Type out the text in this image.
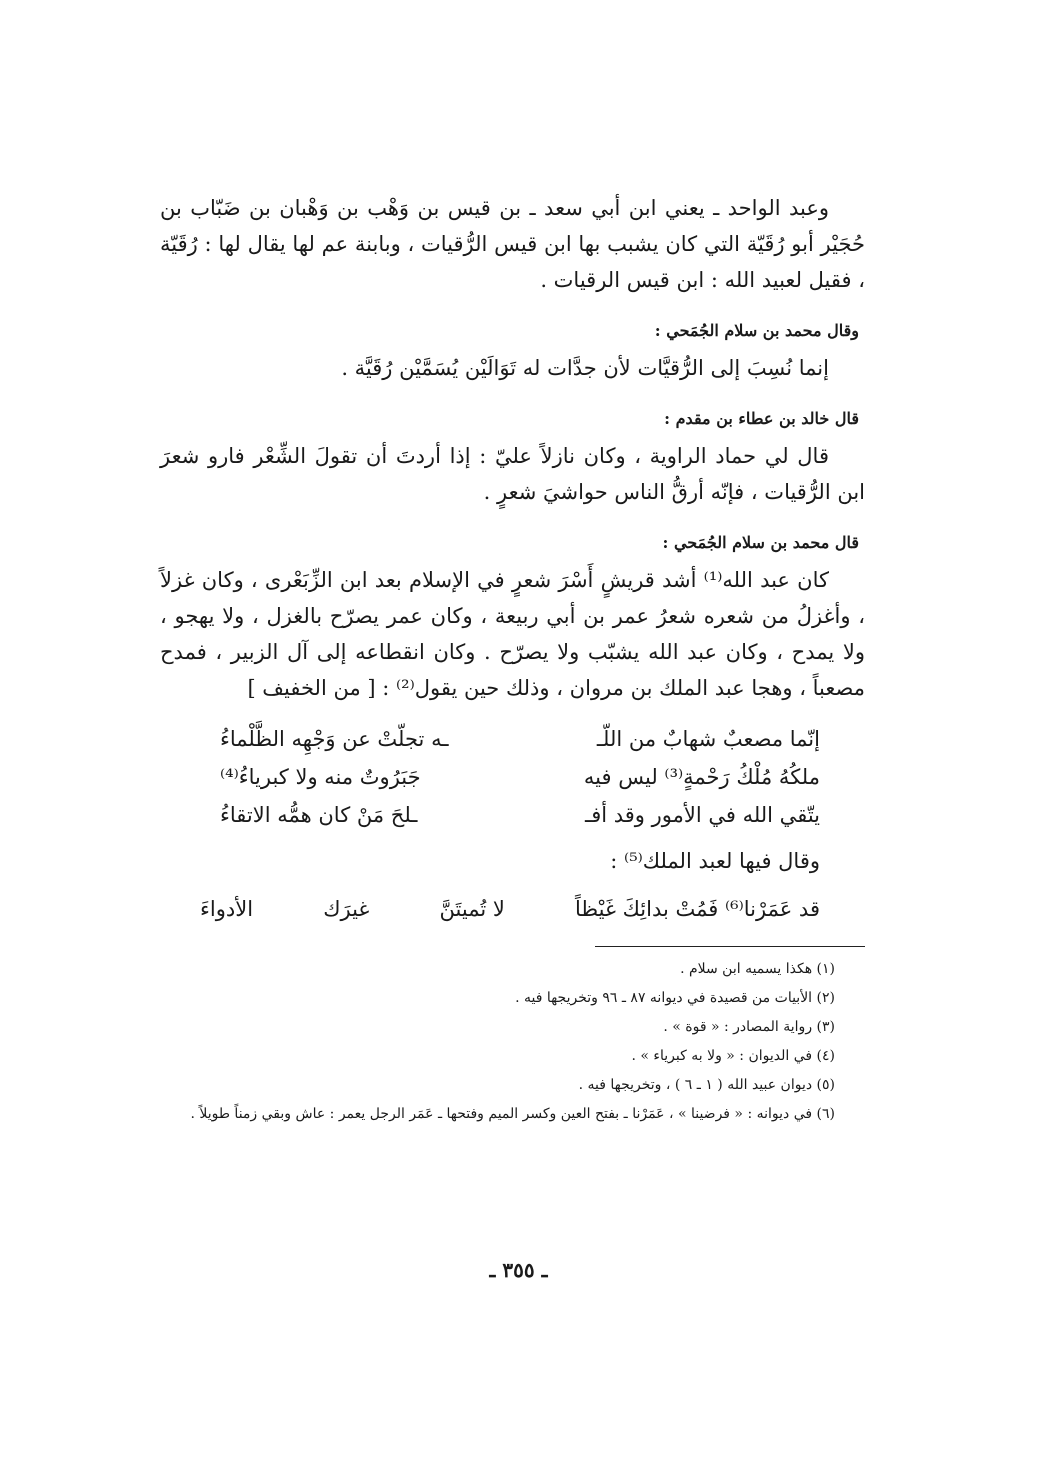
وعبد الواحد ـ يعني ابن أبي سعد ـ بن قيس بن وَهْب بن وَهْبان بن ضَبّاب بن حُجَيْر أبو رُقَيّة التي كان يشبب بها ابن قيس الرُّقيات ، وبابنة عم لها يقال لها : رُقَيّة ، فقيل لعبيد الله : ابن قيس الرقيات .

وقال محمد بن سلام الجُمَحي :

إنما نُسِبَ إلى الرُّقيَّات لأن جدَّات له تَوَالَيْن يُسَمَّيْن رُقَيَّة .

قال خالد بن عطاء بن مقدم :

قال لي حماد الراوية ، وكان نازلاً عليّ : إذا أردتَ أن تقولَ الشِّعْر فارو شعرَ ابن الرُّقيات ، فإنّه أرقُّ الناس حواشيَ شعرٍ .

قال محمد بن سلام الجُمَحي :

كان عبد الله⁽¹⁾ أشد قريشٍ أَسْرَ شعرٍ في الإسلام بعد ابن الزِّبَعْرى ، وكان غزلاً ، وأغزلُ من شعره شعرُ عمر بن أبي ربيعة ، وكان عمر يصرّح بالغزل ، ولا يهجو ، ولا يمدح ، وكان عبد الله يشبّب ولا يصرّح . وكان انقطاعه إلى آل الزبير ، فمدح مصعباً ، وهجا عبد الملك بن مروان ، وذلك حين يقول⁽²⁾ : [ من الخفيف ]

إنّما مصعبٌ شهابٌ من اللّـ
ـه تجلّتْ عن وَجْهِه الظَّلْماءُ
ملكُهُ مُلْكُ رَحْمةٍ⁽³⁾ ليس فيه
جَبَرُوتٌ منه ولا كبرياءُ⁽⁴⁾
يتّقي الله في الأمور وقد أفـ
ـلحَ مَنْ كان همُّه الاتقاءُ
وقال فيها لعبد الملك⁽⁵⁾ :
قد عَمَرْنا⁽⁶⁾ فَمُتْ بدائِكَ غَيْظاً
لا تُميتَنَّ
غيرَك
الأدواءَ

(١) هكذا يسميه ابن سلام .

(٢) الأبيات من قصيدة في ديوانه ٨٧ ـ ٩٦ وتخريجها فيه .

(٣) رواية المصادر : « قوة » .

(٤) في الديوان : « ولا به كبرياء » .

(٥) ديوان عبيد الله ( ١ ـ ٦ ) ، وتخريجها فيه .

(٦) في ديوانه : « فرضينا » ، عَمَرْنا ـ بفتح العين وكسر الميم وفتحها ـ عَمَر الرجل يعمر : عاش وبقي زمناً طويلاً .

ـ ٣٥٥ ـ
